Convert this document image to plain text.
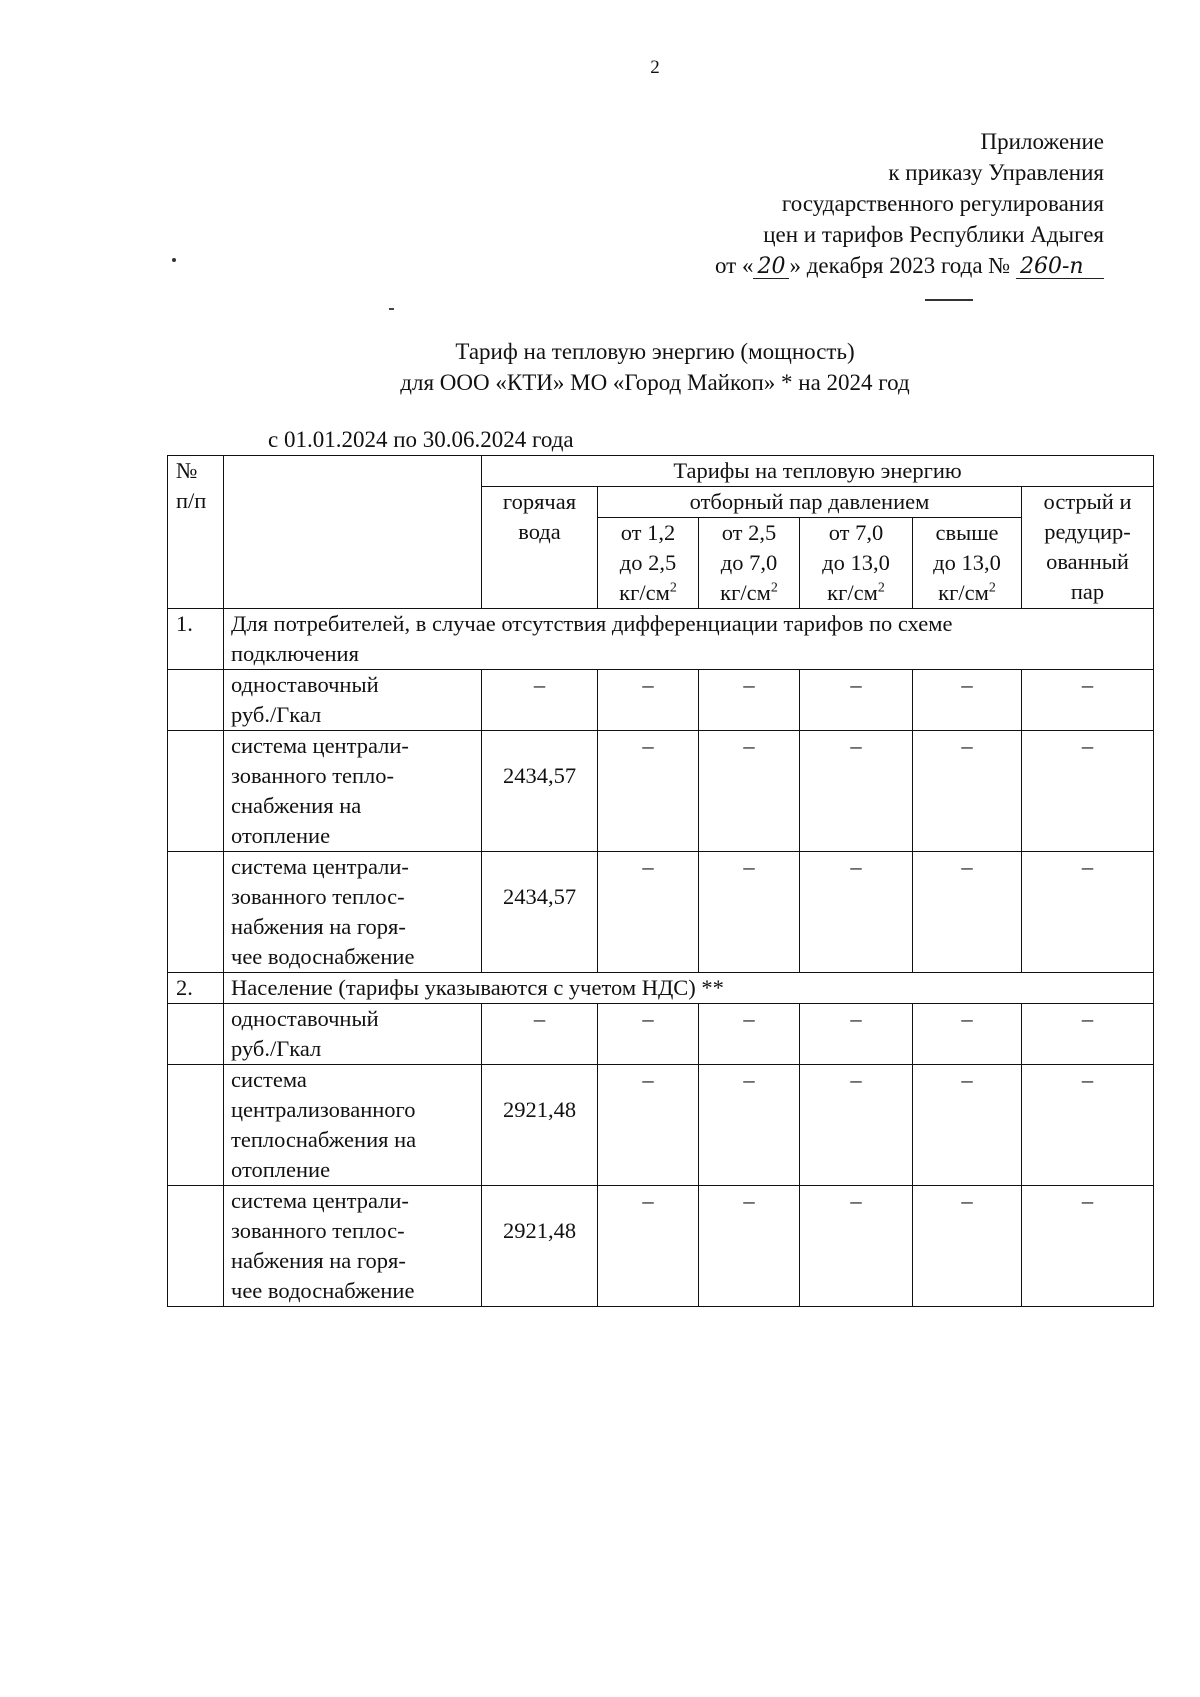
2
Приложение
к приказу Управления
государственного регулирования
цен и тарифов Республики Адыгея
от « 20 » декабря 2023 года № 260-п
Тариф на тепловую энергию (мощность)
для ООО «КТИ» МО «Город Майкоп» * на 2024 год
с 01.01.2024 по 30.06.2024 года
№
п/п		Тарифы на тепловую энергию					

		горячая
вода	отборный пар давлением				острый и
редуцир-
ованный
пар

			от 1,2
до 2,5
$кг/см^2$	от 2,5
до 7,0
$кг/см^2$	от 7,0
до 13,0
$кг/см^2$	свыше
до 13,0
$кг/см^2$

1.	Для потребителей, в случае отсутствия дифференциации тарифов по схеме
подключения						

	одноставочный
руб./Гкал	–	–	–	–	–	–

	система централи-
зованного тепло-
снабжения на
отопление	2434,57	–	–	–	–	–

	система централи-
зованного теплос-
набжения на горя-
чее водоснабжение	2434,57	–	–	–	–	–
2.	Население (тарифы указываются с учетом НДС) **						

	одноставочный
руб./Гкал	–	–	–	–	–	–

	система
централизованного
теплоснабжения на
отопление	2921,48	–	–	–	–	–

	система централи-
зованного теплос-
набжения на горя-
чее водоснабжение	2921,48	–	–	–	–	–
